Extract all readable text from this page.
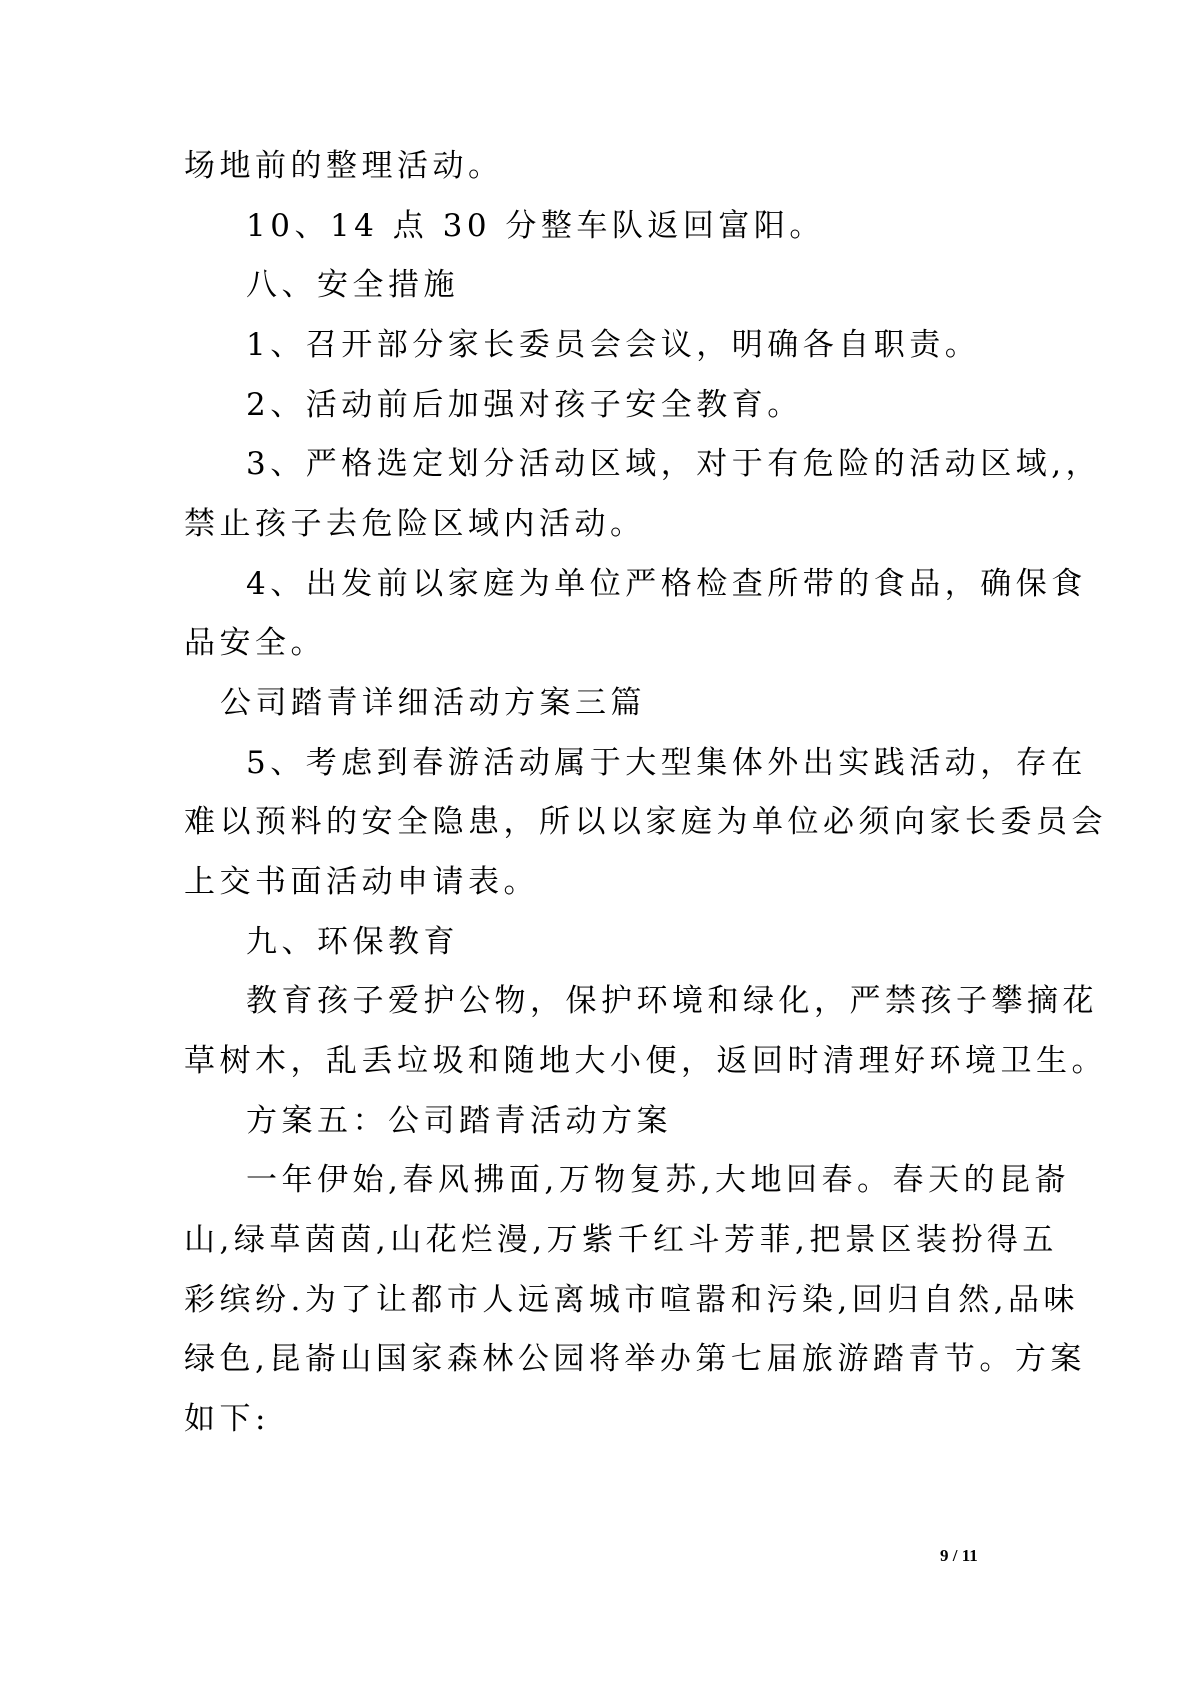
场地前的整理活动。
10、14 点 30 分整车队返回富阳。
八、安全措施
1、召开部分家长委员会会议，明确各自职责。
2、活动前后加强对孩子安全教育。
3、严格选定划分活动区域，对于有危险的活动区域,，
禁止孩子去危险区域内活动。
4、出发前以家庭为单位严格检查所带的食品，确保食
品安全。
公司踏青详细活动方案三篇
5、考虑到春游活动属于大型集体外出实践活动，存在
难以预料的安全隐患，所以以家庭为单位必须向家长委员会
上交书面活动申请表。
九、环保教育
教育孩子爱护公物，保护环境和绿化，严禁孩子攀摘花
草树木，乱丢垃圾和随地大小便，返回时清理好环境卫生。
方案五：公司踏青活动方案
一年伊始,春风拂面,万物复苏,大地回春。春天的昆嵛
山,绿草茵茵,山花烂漫,万紫千红斗芳菲,把景区装扮得五
彩缤纷.为了让都市人远离城市喧嚣和污染,回归自然,品味
绿色,昆嵛山国家森林公园将举办第七届旅游踏青节。方案
如下:
9 / 11
